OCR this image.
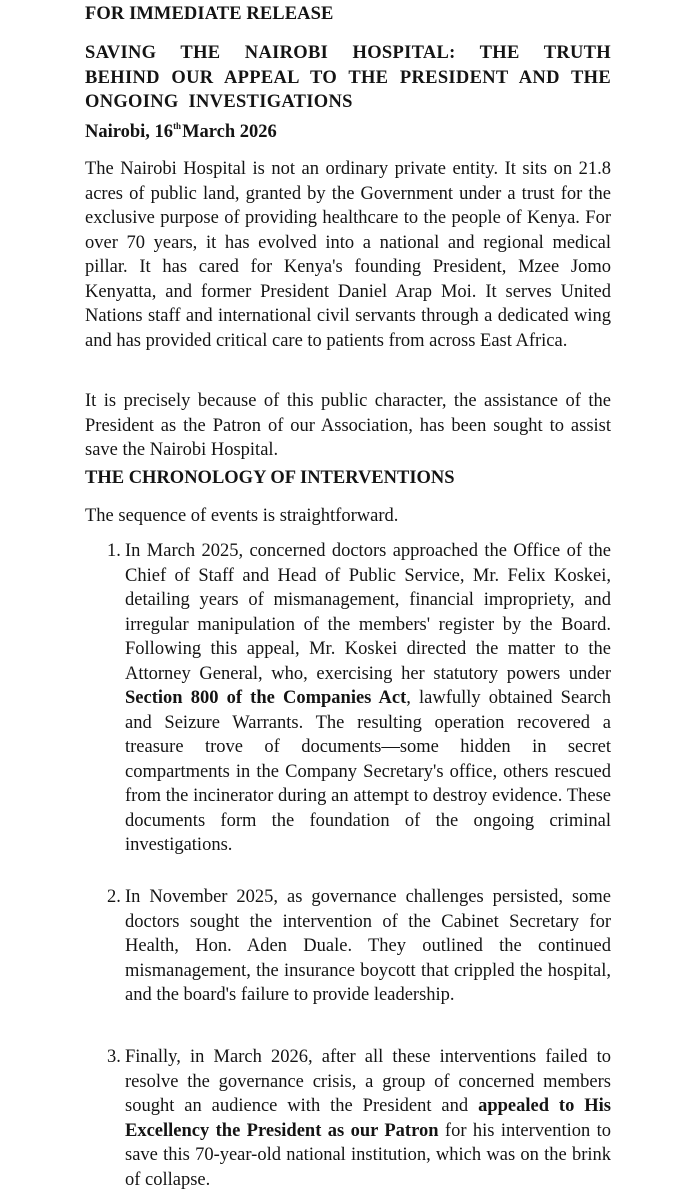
FOR IMMEDIATE RELEASE
SAVING THE NAIROBI HOSPITAL: THE TRUTH BEHIND OUR APPEAL TO THE PRESIDENT AND THE ONGOING INVESTIGATIONS
Nairobi, 16thMarch 2026
The Nairobi Hospital is not an ordinary private entity. It sits on 21.8 acres of public land, granted by the Government under a trust for the exclusive purpose of providing healthcare to the people of Kenya. For over 70 years, it has evolved into a national and regional medical pillar. It has cared for Kenya's founding President, Mzee Jomo Kenyatta, and former President Daniel Arap Moi. It serves United Nations staff and international civil servants through a dedicated wing and has provided critical care to patients from across East Africa.
It is precisely because of this public character, the assistance of the President as the Patron of our Association, has been sought to assist save the Nairobi Hospital.
THE CHRONOLOGY OF INTERVENTIONS
The sequence of events is straightforward.
1. In March 2025, concerned doctors approached the Office of the Chief of Staff and Head of Public Service, Mr. Felix Koskei, detailing years of mismanagement, financial impropriety, and irregular manipulation of the members' register by the Board. Following this appeal, Mr. Koskei directed the matter to the Attorney General, who, exercising her statutory powers under Section 800 of the Companies Act, lawfully obtained Search and Seizure Warrants. The resulting operation recovered a treasure trove of documents—some hidden in secret compartments in the Company Secretary's office, others rescued from the incinerator during an attempt to destroy evidence. These documents form the foundation of the ongoing criminal investigations.
2. In November 2025, as governance challenges persisted, some doctors sought the intervention of the Cabinet Secretary for Health, Hon. Aden Duale. They outlined the continued mismanagement, the insurance boycott that crippled the hospital, and the board's failure to provide leadership.
3. Finally, in March 2026, after all these interventions failed to resolve the governance crisis, a group of concerned members sought an audience with the President and appealed to His Excellency the President as our Patron for his intervention to save this 70-year-old national institution, which was on the brink of collapse.
